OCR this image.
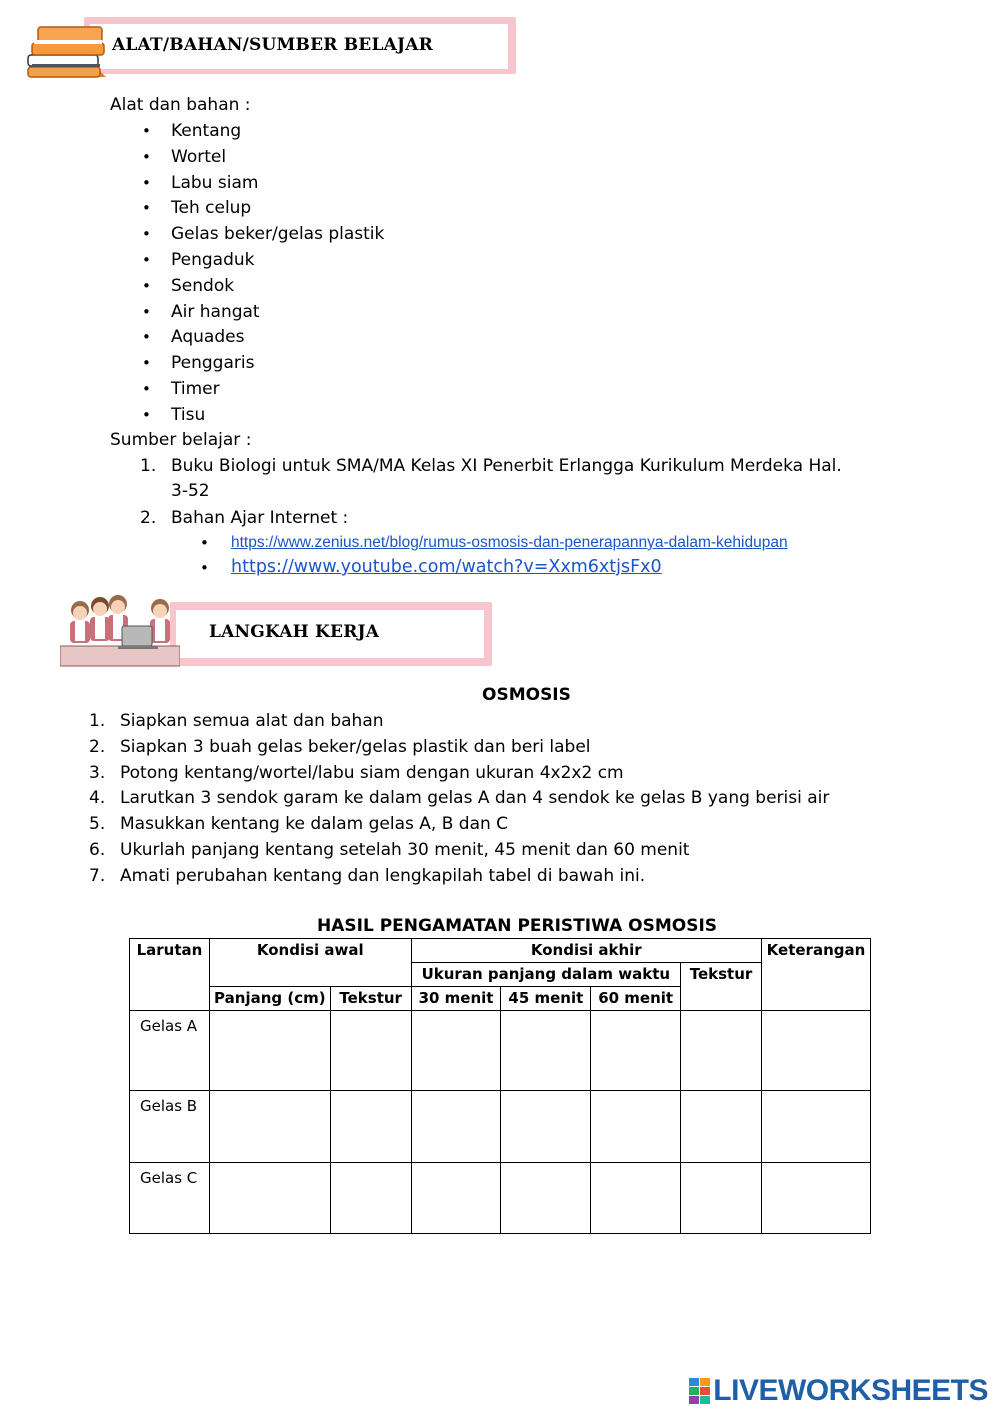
ALAT/BAHAN/SUMBER BELAJAR
Alat dan bahan :
• Kentang
• Wortel
• Labu siam
• Teh celup
• Gelas beker/gelas plastik
• Pengaduk
• Sendok
• Air hangat
• Aquades
• Penggaris
• Timer
• Tisu
Sumber belajar :
1. Buku Biologi untuk SMA/MA Kelas XI Penerbit Erlangga Kurikulum Merdeka Hal.
3-52
2. Bahan Ajar Internet :
• https://www.zenius.net/blog/rumus-osmosis-dan-penerapannya-dalam-kehidupan
• https://www.youtube.com/watch?v=Xxm6xtjsFx0
LANGKAH KERJA
OSMOSIS
1. Siapkan semua alat dan bahan
2. Siapkan 3 buah gelas beker/gelas plastik dan beri label
3. Potong kentang/wortel/labu siam dengan ukuran 4x2x2 cm
4. Larutkan 3 sendok garam ke dalam gelas A dan 4 sendok ke gelas B yang berisi air
5. Masukkan kentang ke dalam gelas A, B dan C
6. Ukurlah panjang kentang setelah 30 menit, 45 menit dan 60 menit
7. Amati perubahan kentang dan lengkapilah tabel di bawah ini.
HASIL PENGAMATAN PERISTIWA OSMOSIS
Larutan	Kondisi awal		Kondisi akhir				Keterangan
			Ukuran panjang dalam waktu			Tekstur	
	Panjang (cm)	Tekstur	30 menit	45 menit	60 menit		
Gelas A							
Gelas B							
Gelas C							
LIVEWORKSHEETS
